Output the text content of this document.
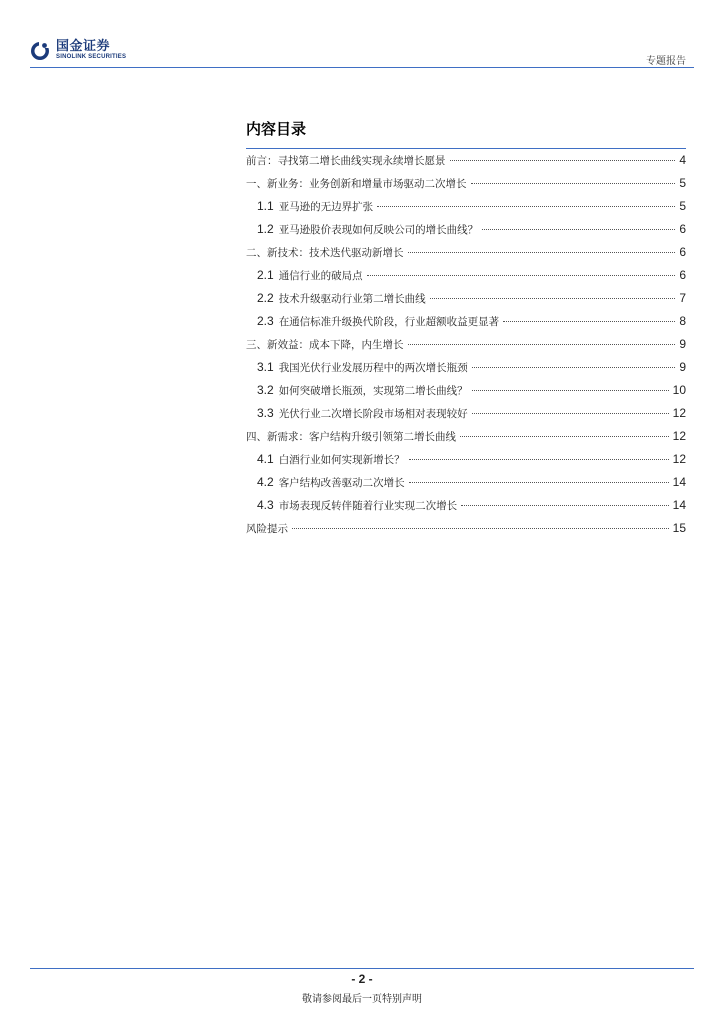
国金证券
SINOLINK SECURITIES	专题报告
内容目录
前言：寻找第二增长曲线实现永续增长愿景	4
一、新业务：业务创新和增量市场驱动二次增长	5
1.1 亚马逊的无边界扩张	5
1.2 亚马逊股价表现如何反映公司的增长曲线？	6
二、新技术：技术迭代驱动新增长	6
2.1 通信行业的破局点	6
2.2 技术升级驱动行业第二增长曲线	7
2.3 在通信标准升级换代阶段，行业超额收益更显著	8
三、新效益：成本下降，内生增长	9
3.1 我国光伏行业发展历程中的两次增长瓶颈	9
3.2 如何突破增长瓶颈，实现第二增长曲线？	10
3.3 光伏行业二次增长阶段市场相对表现较好	12
四、新需求：客户结构升级引领第二增长曲线	12
4.1 白酒行业如何实现新增长？	12
4.2 客户结构改善驱动二次增长	14
4.3 市场表现反转伴随着行业实现二次增长	14
风险提示	15
- 2 -
敬请参阅最后一页特别声明
